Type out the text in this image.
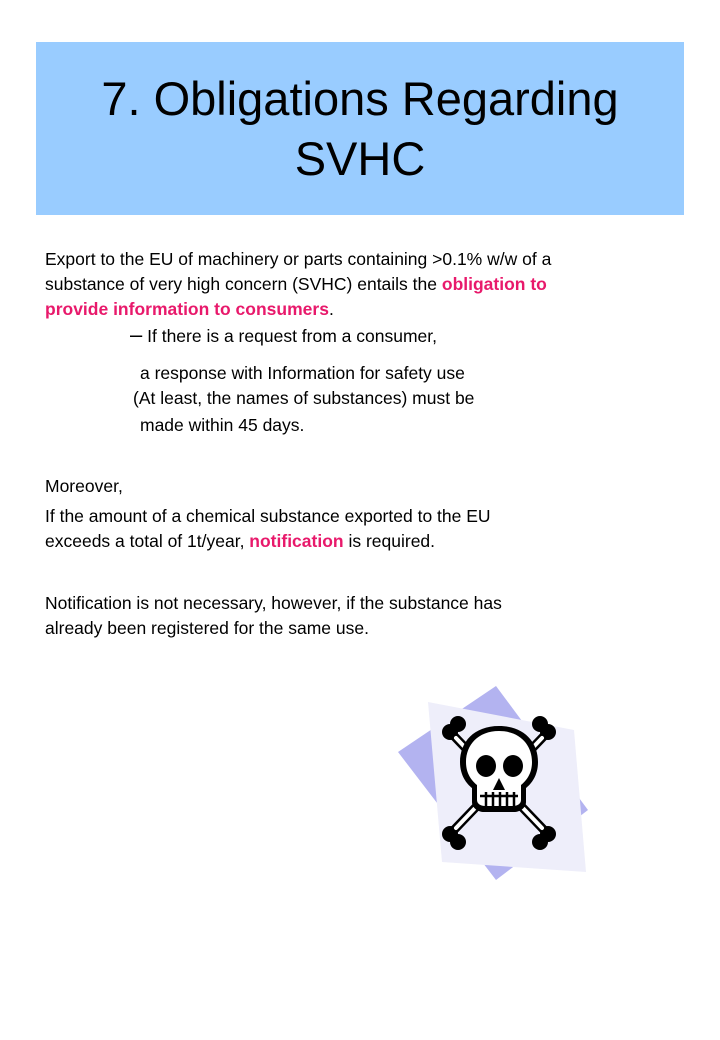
7. Obligations Regarding
SVHC

Export to the EU of machinery or parts containing >0.1% w/w of a

substance of very high concern (SVHC) entails the obligation to

provide information to consumers.

– If there is a request from a consumer,

a response with Information for safety use

(At least, the names of substances) must be

made within 45 days.

Moreover,

If the amount of a chemical substance exported to the EU

exceeds a total of 1t/year, notification is required.

Notification is not necessary, however, if the substance has

already been registered for the same use.
